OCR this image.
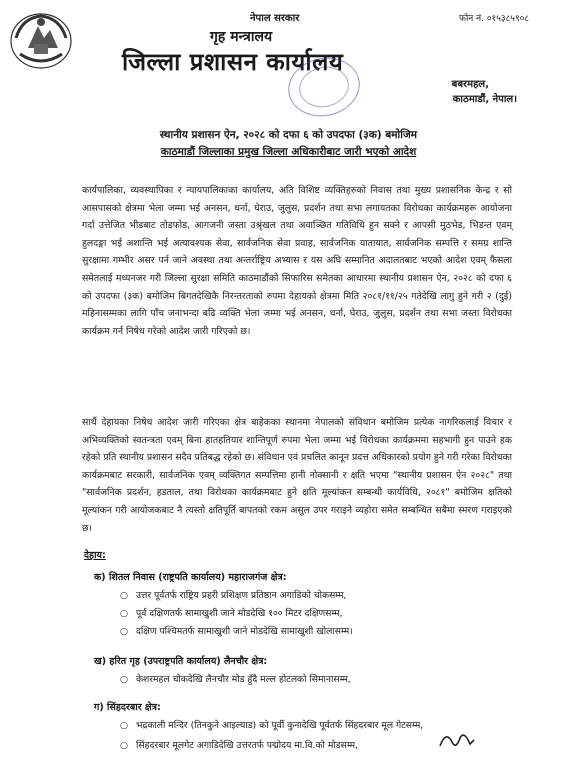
नेपाल सरकार	फोन नं. ०१५३८५९०८
गृह मन्त्रालय
जिल्ला प्रशासन कार्यालय
बबरमहल,
काठमाडौं, नेपाल।
स्थानीय प्रशासन ऐन, २०२८ को दफा ६ को उपदफा (३क) बमोजिम
काठमाडौं जिल्लाका प्रमुख जिल्ला अधिकारीबाट जारी भएको आदेश
कार्यपालिका, व्यवस्थापिका र न्यायपालिकाका कार्यालय, अति विशिष्ट व्यक्तिहरुको निवास तथा मुख्य प्रशासनिक केन्द्र र सो आसपासको क्षेत्रमा भेला जम्मा भई अनसन, धर्ना, घेराउ, जुलुस, प्रदर्शन तथा सभा लगायतका विरोधका कार्यक्रमहरू आयोजना गर्दा उत्तेजित भीडबाट तोडफोड, आगजनी जस्ता उश्रृंखल तथा अवाञ्छित गतिविधि हुन सक्ने र आपसी मुठभेड, भिडन्त एवम् हुलदङ्गा भई अशान्ति भई अत्यावश्यक सेवा, सार्वजनिक सेवा प्रवाह, सार्वजनिक यातायात, सार्वजनिक सम्पत्ति र समग्र शान्ति सुरक्षामा गम्भीर असर पर्न जाने अवस्था तथा अन्तर्राष्ट्रिय अभ्यास र यस अघि सम्मानित अदालतबाट भएको आदेश एवम् फैसला समेतलाई मध्यनजर गरी जिल्ला सुरक्षा समिति काठमाडौंको सिफारिस समेतका आधारमा स्थानीय प्रशासन ऐन, २०२८ को दफा ६ को उपदफा (३क) बमोजिम बिगतदेखिकै निरन्तरताको रुपमा देहायको क्षेत्रमा मिति २०८१/११/२५ गतेदेखि लागु हुने गरी २ (दुई) महिनासम्मका लागि पाँच जनाभन्दा बढि व्यक्ति भेला जम्मा भई अनसन, धर्ना, घेराउ, जुलुस, प्रदर्शन तथा सभा जस्ता विरोधका कार्यक्रम गर्न निषेध गरेको आदेश जारी गरिएको छ।
सार्थै देहायका निषेध आदेश जारी गरिएका क्षेत्र बाहेकका स्थानमा नेपालको संविधान बमोजिम प्रत्येक नागरिकलाई विचार र अभिव्यक्तिको स्वतन्त्रता एवम् बिना हातहतियार शान्तिपूर्ण रुपमा भेला जम्मा भई विरोधका कार्यक्रममा सहभागी हुन पाउने हक रहेको प्रति स्थानीय प्रशासन सदैव प्रतिबद्ध रहेको छ। संविधान एवं प्रचलित कानून प्रदत्त अधिकारको प्रयोग हुने गरी गरेका विरोधका कार्यक्रमबाट सरकारी, सार्वजनिक एवम् व्यक्तिगत सम्पत्तिमा हानी नोक्सानी र क्षति भएमा "स्थानीय प्रशासन ऐन २०२८" तथा "सार्वजनिक प्रदर्शन, हडताल, तथा विरोधका कार्यक्रमबाट हुने क्षति मूल्यांकन सम्बन्धी कार्यविधि, २०८१" बमोजिम क्षतिको मूल्यांकन गरी आयोजकबाट नै त्यस्तो क्षतिपूर्ति बापतको रकम असुल उपर गराइने व्यहोरा समेत सम्बन्धित सबैमा स्मरण गराइएको छ।
देहाय:
क) शितल निवास (राष्ट्रपति कार्यालय) महाराजगंज क्षेत्र:
○ उत्तर पूर्वतर्फ राष्ट्रिय प्रहरी प्रशिक्षण प्रतिष्ठान अगाडिको चोकसम्म,
○ पूर्व दक्षिणतर्फ सामाखुशी जाने मोडदेखि १०० मिटर दक्षिणसम्म,
○ दक्षिण पश्चिमतर्फ सामाखुशी जाने मोडदेखि सामाखुशी खोलासम्म।
ख) हरित गृह (उपराष्ट्रपति कार्यालय) लैनचौर क्षेत्र:
○ केशरमहल चोकदेखि लैनचौर मोड हुँदै मल्ल होटलको सिमानासम्म,
ग) सिंहदरबार क्षेत्र:
○ भद्रकाली मन्दिर (तिनकुने आइल्याड) को पूर्वी कुनादेखि पूर्वतर्फ सिंहदरबार मूल गेटसम्म,
○ सिंहदरबार मूलगेट अगाडिदेखि उत्तरतर्फ पद्मोदय मा.वि.को मोडसम्म,
